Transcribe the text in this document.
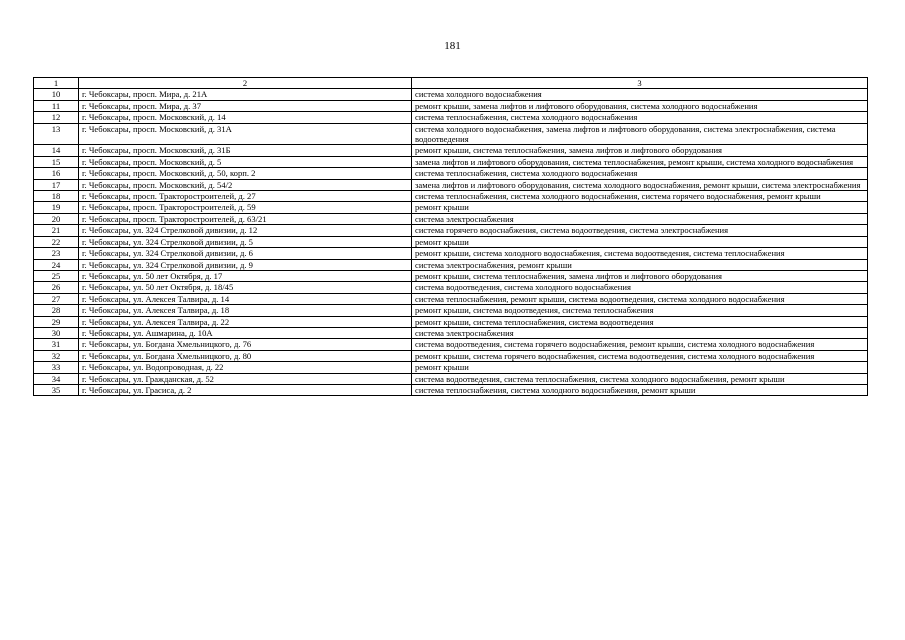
181
1	2	3
10	г. Чебоксары, просп. Мира, д. 21А	система холодного водоснабжения
11	г. Чебоксары, просп. Мира, д. 37	ремонт крыши, замена лифтов и лифтового оборудования, система холодного водоснабжения
12	г. Чебоксары, просп. Московский, д. 14	система теплоснабжения, система холодного водоснабжения
13	г. Чебоксары, просп. Московский, д. 31А	система холодного водоснабжения, замена лифтов и лифтового оборудования, система электроснабжения, система водоотведения
14	г. Чебоксары, просп. Московский, д. 31Б	ремонт крыши, система теплоснабжения, замена лифтов и лифтового оборудования
15	г. Чебоксары, просп. Московский, д. 5	замена лифтов и лифтового оборудования, система теплоснабжения, ремонт крыши, система холодного водоснабжения
16	г. Чебоксары, просп. Московский, д. 50, корп. 2	система теплоснабжения, система холодного водоснабжения
17	г. Чебоксары, просп. Московский, д. 54/2	замена лифтов и лифтового оборудования, система холодного водоснабжения, ремонт крыши, система электроснабжения
18	г. Чебоксары, просп. Тракторостроителей, д. 27	система теплоснабжения, система холодного водоснабжения, система горячего водоснабжения, ремонт крыши
19	г. Чебоксары, просп. Тракторостроителей, д. 59	ремонт крыши
20	г. Чебоксары, просп. Тракторостроителей, д. 63/21	система электроснабжения
21	г. Чебоксары, ул. 324 Стрелковой дивизии, д. 12	система горячего водоснабжения, система водоотведения, система электроснабжения
22	г. Чебоксары, ул. 324 Стрелковой дивизии, д. 5	ремонт крыши
23	г. Чебоксары, ул. 324 Стрелковой дивизии, д. 6	ремонт крыши, система холодного водоснабжения, система водоотведения, система теплоснабжения
24	г. Чебоксары, ул. 324 Стрелковой дивизии, д. 9	система электроснабжения, ремонт крыши
25	г. Чебоксары, ул. 50 лет Октября, д. 17	ремонт крыши, система теплоснабжения, замена лифтов и лифтового оборудования
26	г. Чебоксары, ул. 50 лет Октября, д. 18/45	система водоотведения, система холодного водоснабжения
27	г. Чебоксары, ул. Алексея Талвира, д. 14	система теплоснабжения, ремонт крыши, система водоотведения, система холодного водоснабжения
28	г. Чебоксары, ул. Алексея Талвира, д. 18	ремонт крыши, система водоотведения, система теплоснабжения
29	г. Чебоксары, ул. Алексея Талвира, д. 22	ремонт крыши, система теплоснабжения, система водоотведения
30	г. Чебоксары, ул. Ашмарина, д. 10А	система электроснабжения
31	г. Чебоксары, ул. Богдана Хмельницкого, д. 76	система водоотведения, система горячего водоснабжения, ремонт крыши, система холодного водоснабжения
32	г. Чебоксары, ул. Богдана Хмельницкого, д. 80	ремонт крыши, система горячего водоснабжения, система водоотведения, система холодного водоснабжения
33	г. Чебоксары, ул. Водопроводная, д. 22	ремонт крыши
34	г. Чебоксары, ул. Гражданская, д. 52	система водоотведения, система теплоснабжения, система холодного водоснабжения, ремонт крыши
35	г. Чебоксары, ул. Грасиса, д. 2	система теплоснабжения, система холодного водоснабжения, ремонт крыши
